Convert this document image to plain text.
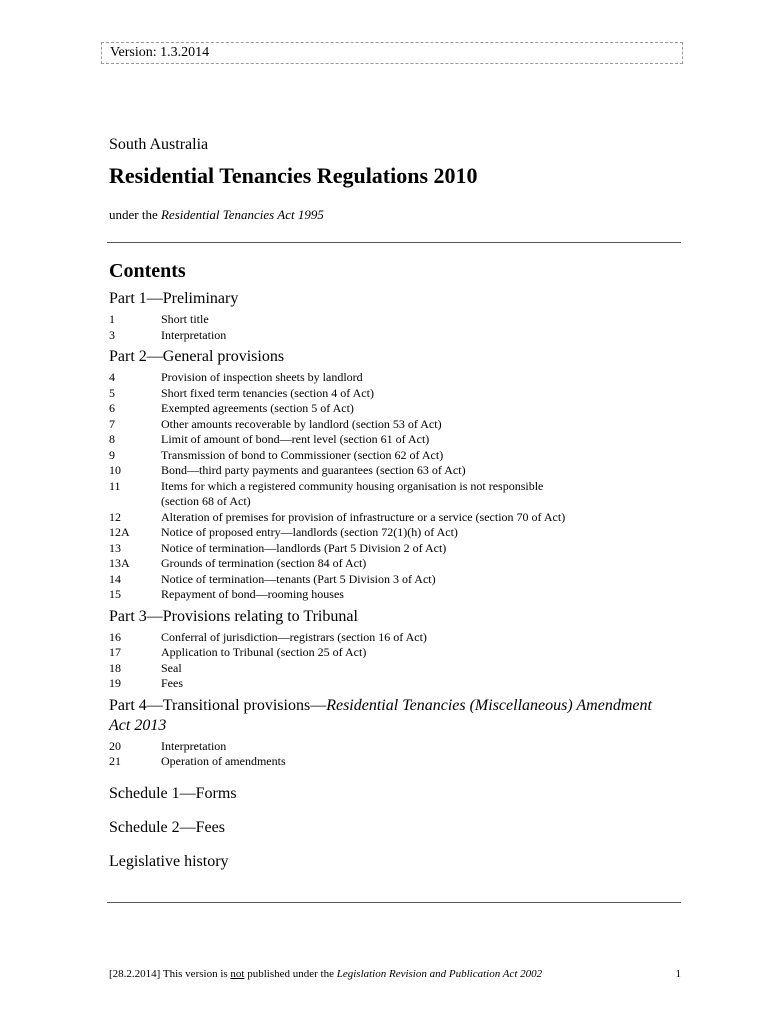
Version: 1.3.2014
South Australia
Residential Tenancies Regulations 2010
under the Residential Tenancies Act 1995
Contents
Part 1—Preliminary
1	Short title
3	Interpretation
Part 2—General provisions
4	Provision of inspection sheets by landlord
5	Short fixed term tenancies (section 4 of Act)
6	Exempted agreements (section 5 of Act)
7	Other amounts recoverable by landlord (section 53 of Act)
8	Limit of amount of bond—rent level (section 61 of Act)
9	Transmission of bond to Commissioner (section 62 of Act)
10	Bond—third party payments and guarantees (section 63 of Act)
11	Items for which a registered community housing organisation is not responsible
(section 68 of Act)
12	Alteration of premises for provision of infrastructure or a service (section 70 of Act)
12A	Notice of proposed entry—landlords (section 72(1)(h) of Act)
13	Notice of termination—landlords (Part 5 Division 2 of Act)
13A	Grounds of termination (section 84 of Act)
14	Notice of termination—tenants (Part 5 Division 3 of Act)
15	Repayment of bond—rooming houses
Part 3—Provisions relating to Tribunal
16	Conferral of jurisdiction—registrars (section 16 of Act)
17	Application to Tribunal (section 25 of Act)
18	Seal
19	Fees
Part 4—Transitional provisions—Residential Tenancies (Miscellaneous) Amendment Act 2013
20	Interpretation
21	Operation of amendments
Schedule 1—Forms
Schedule 2—Fees
Legislative history
[28.2.2014] This version is not published under the Legislation Revision and Publication Act 2002	1
